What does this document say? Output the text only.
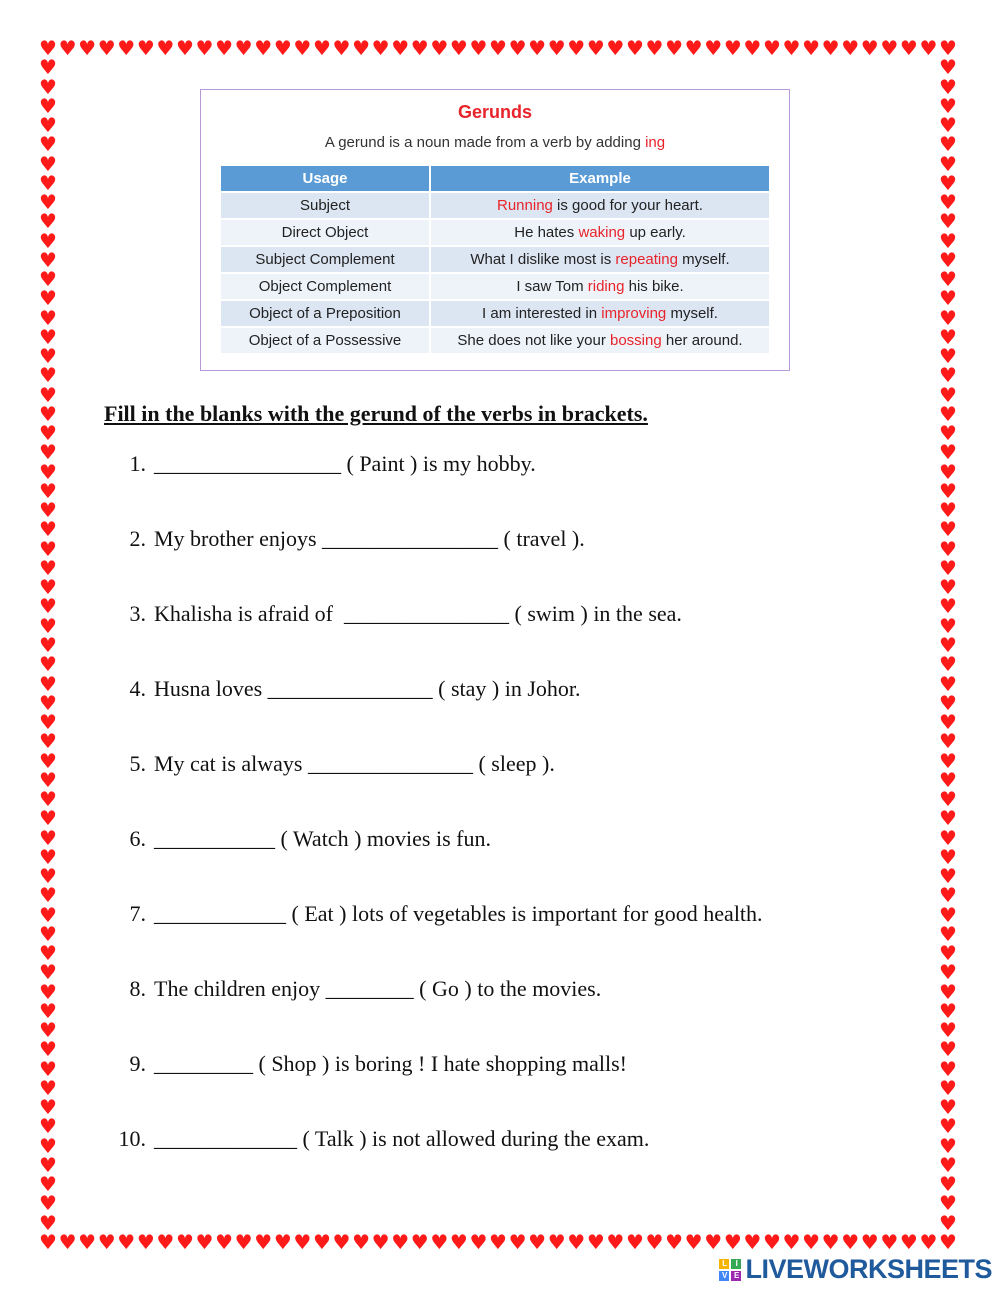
♥
♥
♥
♥
♥
♥
♥
♥
♥
♥
♥
♥
♥
♥
♥
♥
♥
♥
♥
♥
♥
♥
♥
♥
♥
♥
♥
♥
♥
♥
♥
♥
♥
♥
♥
♥
♥
♥
♥
♥
♥
♥
♥
♥
♥
♥
♥
♥
♥
♥
♥
♥
♥
♥
♥
♥
♥
♥
♥
♥
♥
♥
♥
♥
♥
♥
♥
♥
♥
♥
♥
♥
♥
♥
♥
♥
♥
♥
♥
♥
♥
♥
♥
♥
♥
♥
♥
♥
♥
♥
♥
♥
♥
♥
♥	♥
♥	♥
♥	♥
♥	♥
♥	♥
♥	♥
♥	♥
♥	♥
♥	♥
♥	♥
♥	♥
♥	♥
♥	♥
♥	♥
♥	♥
♥	♥
♥	♥
♥	♥
♥	♥
♥	♥
♥	♥
♥	♥
♥	♥
♥	♥
♥	♥
♥	♥
♥	♥
♥	♥
♥	♥
♥	♥
♥	♥
♥	♥
♥	♥
♥	♥
♥	♥
♥	♥
♥	♥
♥	♥
♥	♥
♥	♥
♥	♥
♥	♥
♥	♥
♥	♥
♥	♥
♥	♥
♥	♥
♥	♥
♥	♥
♥	♥
♥	♥
♥	♥
♥	♥
♥	♥
♥	♥
♥	♥
♥	♥
♥	♥
♥	♥
♥	♥
♥	♥
Gerunds
A gerund is a noun made from a verb by adding ing
Usage	Example
Subject	Running is good for your heart.
Direct Object	He hates waking up early.
Subject Complement	What I dislike most is repeating myself.
Object Complement	I saw Tom riding his bike.
Object of a Preposition	I am interested in improving myself.
Object of a Possessive	She does not like your bossing her around.
Fill in the blanks with the gerund of the verbs in brackets.
1. _________________ ( Paint ) is my hobby.
2. My brother enjoys ________________ ( travel ).
3. Khalisha is afraid of  _______________ ( swim ) in the sea.
4. Husna loves _______________ ( stay ) in Johor.
5. My cat is always _______________ ( sleep ).
6. ___________ ( Watch ) movies is fun.
7. ____________ ( Eat ) lots of vegetables is important for good health.
8. The children enjoy ________ ( Go ) to the movies.
9. _________ ( Shop ) is boring ! I hate shopping malls!
10. _____________ ( Talk ) is not allowed during the exam.
L	I
V E LIVEWORKSHEETS
